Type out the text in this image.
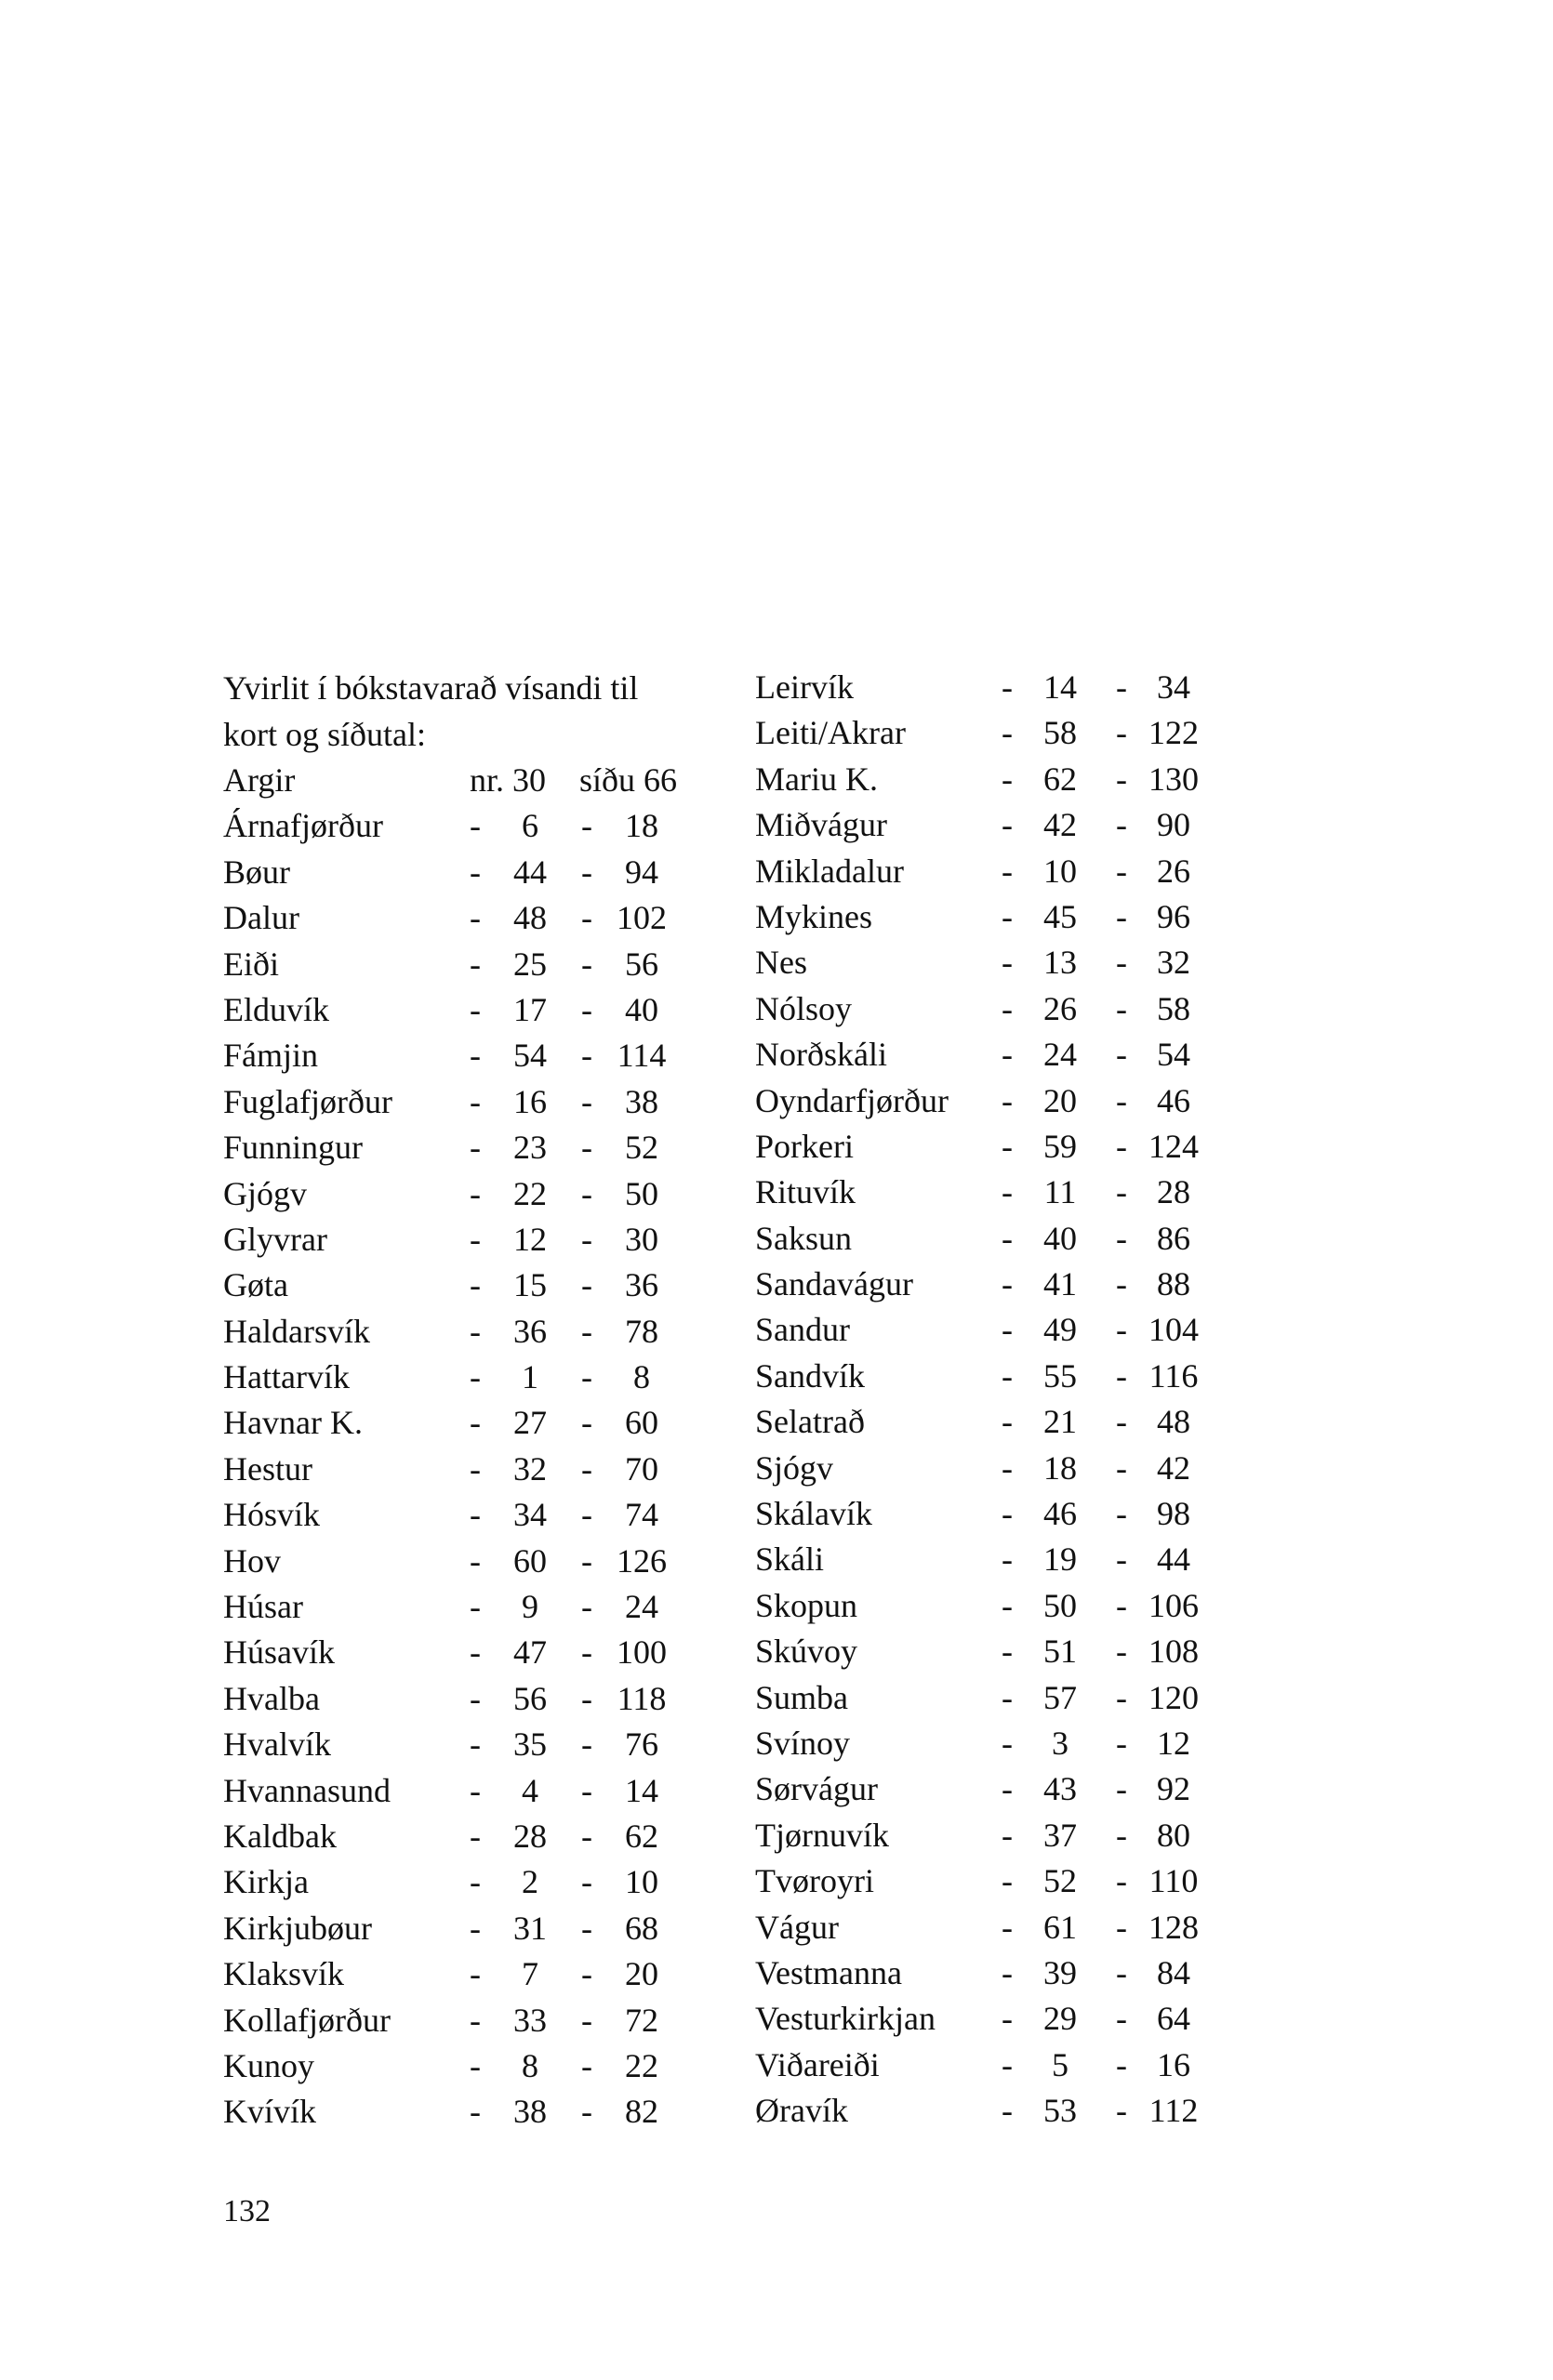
Yvirlit í bókstavarað vísandi til
kort og síðutal:
Argir	nr. 30 síðu 66
Árnafjørður	-	6	- 18
Bøur	- 44	- 94
Dalur	- 48	- 102
Eiði	- 25	- 56
Elduvík	- 17	- 40
Fámjin	- 54	- 114
Fuglafjørður - 16	- 38
Funningur	- 23	- 52
Gjógv	- 22	- 50
Glyvrar	- 12	- 30
Gøta	- 15	- 36
Haldarsvík	- 36	- 78
Hattarvík	-	1	-	8
Havnar K.	- 27	- 60
Hestur	- 32	- 70
Hósvík	- 34	- 74
Hov	- 60	- 126
Húsar	-	9	- 24
Húsavík	- 47	- 100
Hvalba	- 56	- 118
Hvalvík	- 35	- 76
Hvannasund -	4	- 14
Kaldbak	- 28	- 62
Kirkja	-	2	- 10
Kirkjubøur	- 31	- 68
Klaksvík	-	7	- 20
Kollafjørður - 33	- 72
Kunoy	-	8	- 22
Kvívík	- 38	- 82
Leirvík	- 14	- 34
Leiti/Akrar	- 58	- 122
Mariu K.	- 62	- 130
Miðvágur	- 42	- 90
Mikladalur	- 10	- 26
Mykines	- 45	- 96
Nes	- 13	- 32
Nólsoy	- 26	- 58
Norðskáli	- 24	- 54
Oyndarfjørður - 20	- 46
Porkeri	- 59	- 124
Rituvík	- 11	- 28
Saksun	- 40	- 86
Sandavágur	- 41	- 88
Sandur	- 49	- 104
Sandvík	- 55	- 116
Selatrað	- 21	- 48
Sjógv	- 18	- 42
Skálavík	- 46	- 98
Skáli	- 19	- 44
Skopun	- 50	- 106
Skúvoy	- 51	- 108
Sumba	- 57	- 120
Svínoy	-	3	- 12
Sørvágur	- 43	- 92
Tjørnuvík	- 37	- 80
Tvøroyri	- 52	- 110
Vágur	- 61	- 128
Vestmanna	- 39	- 84
Vesturkirkjan - 29	- 64
Viðareiði	-	5	- 16
Øravík	- 53	- 112
132
